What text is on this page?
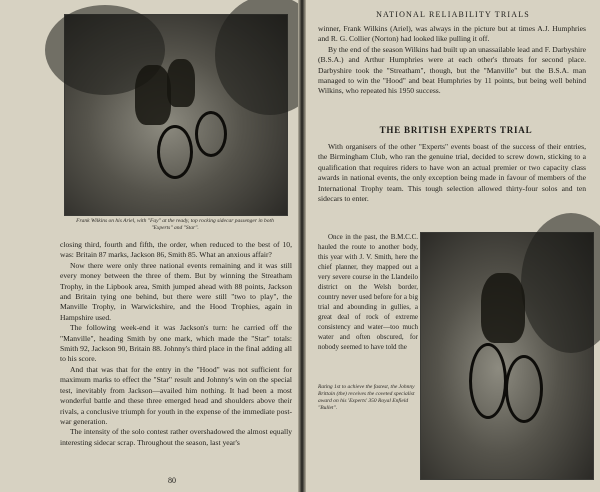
Frank Wilkins on his Ariel, with "Fay" at the ready, top rocking sidecar passenger in both "Experts" and "Star".

closing third, fourth and fifth, the order, when reduced to the best of 10, was: Britain 87 marks, Jackson 86, Smith 85. What an anxious affair?

Now there were only three national events remaining and it was still every money between the three of them. But by winning the Streatham Trophy, in the Lipbook area, Smith jumped ahead with 88 points, Jackson and Britain tying one behind, but there were still "two to play", the Manville Trophy, in Warwickshire, and the Hood Trophies, again in Hampshire used.

The following week-end it was Jackson's turn: he carried off the "Manville", heading Smith by one mark, which made the "Star" totals: Smith 92, Jackson 90, Britain 88. Johnny's third place in the final adding all to his score.

And that was that for the entry in the "Hood" was not sufficient for maximum marks to effect the "Star" result and Johnny's win on the special test, inevitably from Jackson—availed him nothing. It had been a most wonderful battle and these three emerged head and shoulders above their rivals, a conclusive triumph for youth in the expense of the immediate post-war generation.

The intensity of the solo contest rather overshadowed the almost equally interesting sidecar scrap. Throughout the season, last year's

80
NATIONAL RELIABILITY TRIALS

winner, Frank Wilkins (Ariel), was always in the picture but at times A.J. Humphries and R. G. Collier (Norton) had looked like pulling it off.

By the end of the season Wilkins had built up an unassailable lead and F. Darbyshire (B.S.A.) and Arthur Humphries were at each other's throats for second place. Darbyshire took the "Streatham", though, but the "Manville" but the B.S.A. man managed to win the "Hood" and beat Humphries by 11 points, but being well behind Wilkins, who repeated his 1950 success.

THE BRITISH EXPERTS TRIAL

With organisers of the other "Experts" events boast of the success of their entries, the Birmingham Club, who ran the genuine trial, decided to screw down, sticking to a qualification that requires riders to have won an actual premier or two capacity class awards in national events, the only exception being made in favour of members of the International Trophy team. This tough selection allowed thirty-four solos and ten sidecars to enter.

Once in the past, the B.M.C.C. hauled the route to another body, this year with J. V. Smith, here the chief planner, they mapped out a very severe course in the Llandeilo district on the Welsh border, country never used before for a big trial and abounding in gullies, a great deal of rock of extreme consistency and water—too much water and often obscured, for nobody seemed to have told the

Rating 1st to achieve the fastest, the Johnny Brittain (the) receives the coveted specialist award on his 'Experts' 350 Royal Enfield "Bullet".
